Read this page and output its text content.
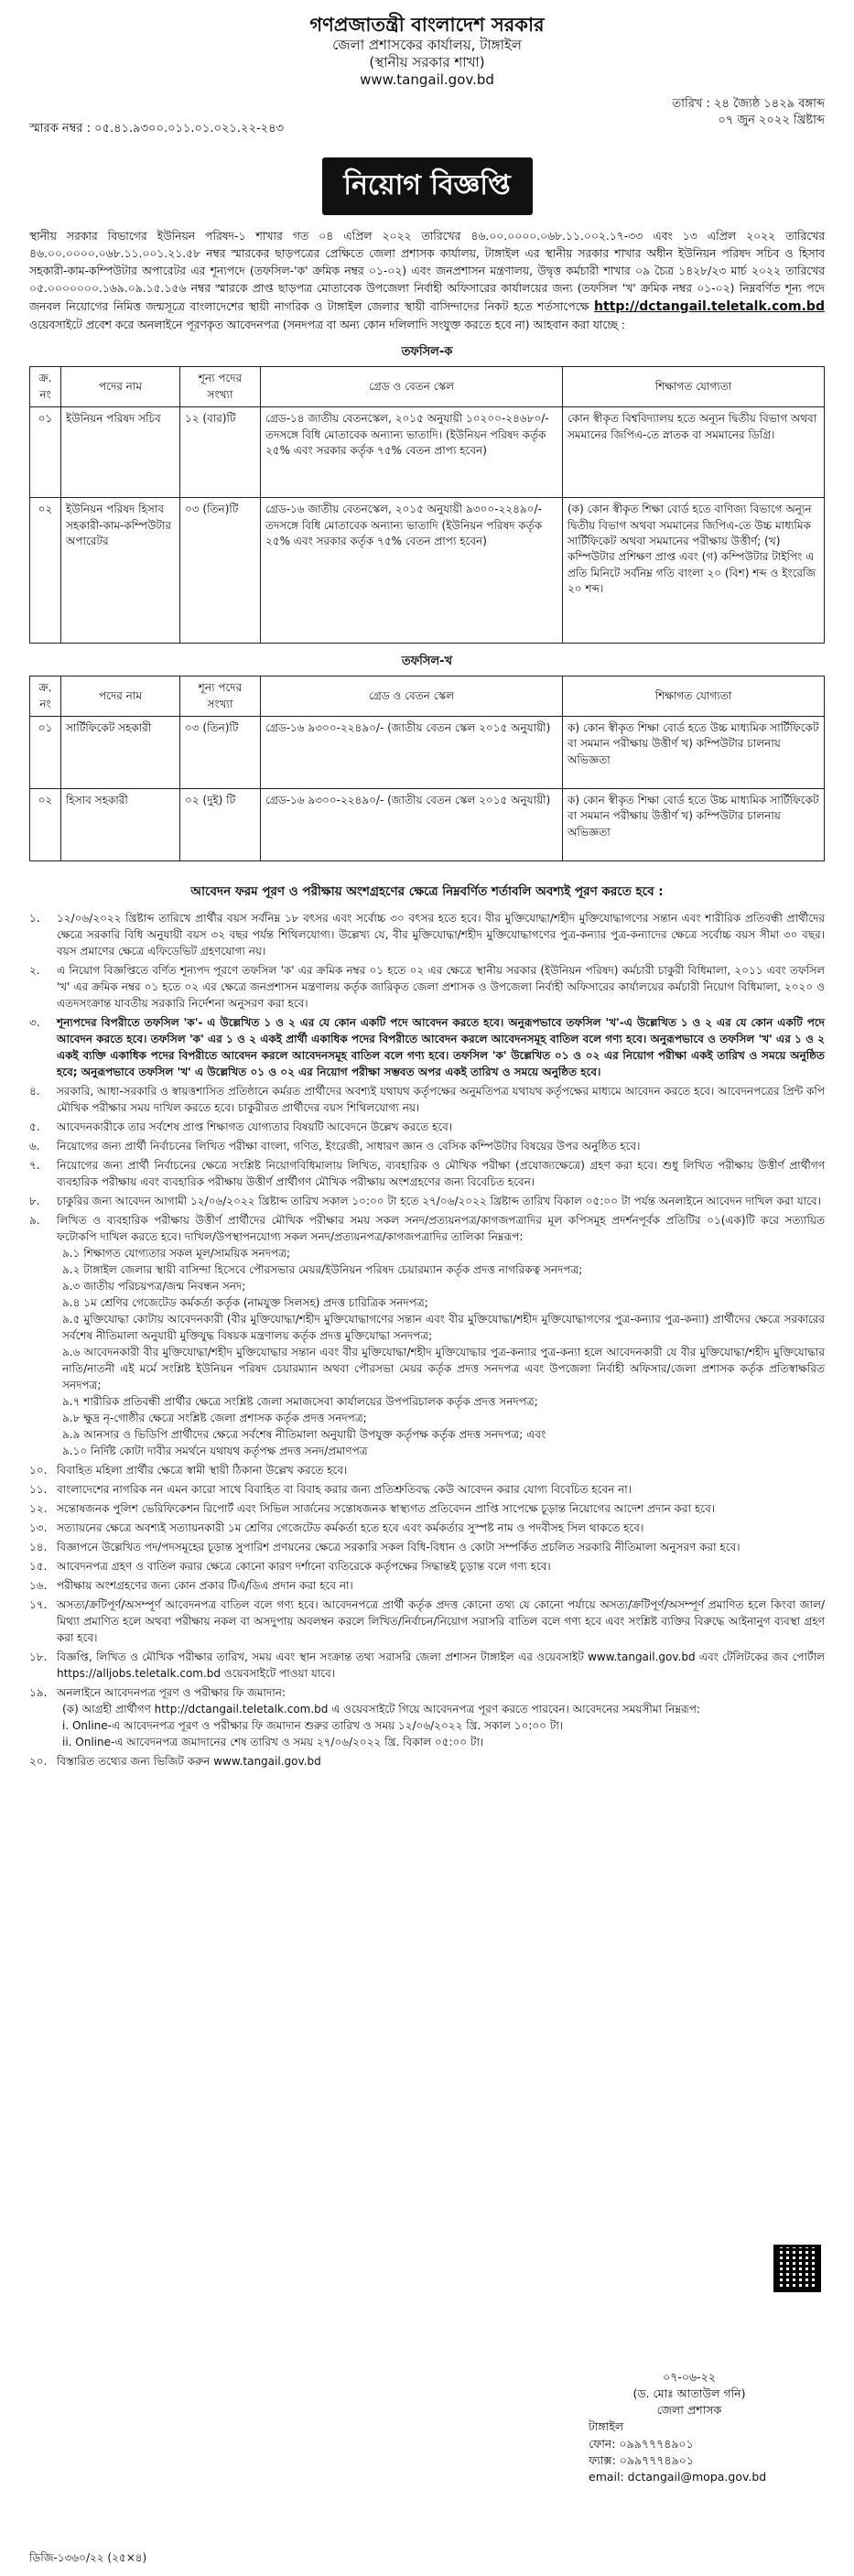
গণপ্রজাতন্ত্রী বাংলাদেশ সরকার
জেলা প্রশাসকের কার্যালয়, টাঙ্গাইল
(স্থানীয় সরকার শাখা)
www.tangail.gov.bd
স্মারক নম্বর : ০৫.৪১.৯৩০০.০১১.০১.০২১.২২-২৪৩
তারিখ : ২৪ জ্যৈষ্ঠ ১৪২৯ বঙ্গাব্দ
০৭ জুন ২০২২ খ্রিষ্টাব্দ
নিয়োগ বিজ্ঞপ্তি
স্থানীয় সরকার বিভাগের ইউনিয়ন পরিষদ-১ শাখার গত ০৪ এপ্রিল ২০২২ তারিখের ৪৬.০০.০০০০.০৬৮.১১.০০২.১৭-৩৩ এবং ১৩ এপ্রিল ২০২২ তারিখের ৪৬.০০.০০০০.০৬৮.১১.০০১.২১.৫৮ নম্বর স্মারকের ছাড়পত্রের প্রেক্ষিতে জেলা প্রশাসক কার্যালয়, টাঙ্গাইল এর স্থানীয় সরকার শাখার অধীন ইউনিয়ন পরিষদ সচিব ও হিসাব সহকারী-কাম-কম্পিউটার অপারেটর এর শূন্যপদে (তফসিল-'ক' ক্রমিক নম্বর ০১-০২) এবং জনপ্রশাসন মন্ত্রণালয়, উদ্বৃত্ত কর্মচারী শাখার ০৯ চৈত্র ১৪২৮/২৩ মার্চ ২০২২ তারিখের ০৫.০০০০০০০.১৬৯.০৯.১৫.১৫৬ নম্বর স্মারকে প্রাপ্ত ছাড়পত্র মোতাবেক উপজেলা নির্বাহী অফিসারের কার্যালয়ের জন্য (তফসিল 'খ' ক্রমিক নম্বর ০১-০২) নিম্নবর্ণিত শূন্য পদে জনবল নিয়োগের নিমিত্ত জন্মসূত্রে বাংলাদেশের স্থায়ী নাগরিক ও টাঙ্গাইল জেলার স্থায়ী বাসিন্দাদের নিকট হতে শর্তসাপেক্ষে http://dctangail.teletalk.com.bd ওয়েবসাইটে প্রবেশ করে অনলাইনে পূরণকৃত আবেদনপত্র (সনদপত্র বা অন্য কোন দলিলাদি সংযুক্ত করতে হবে না) আহবান করা যাচ্ছে :
তফসিল-ক
ক্র. নং	পদের নাম	শূন্য পদের সংখ্যা	গ্রেড ও বেতন স্কেল	শিক্ষাগত যোগ্যতা
০১	ইউনিয়ন পরিষদ সচিব	১২ (বার)টি	গ্রেড-১৪ জাতীয় বেতনস্কেল, ২০১৫ অনুযায়ী ১০২০০-২৪৬৮০/- তদসঙ্গে বিধি মোতাবেক অন্যান্য ভাতাদি। (ইউনিয়ন পরিষদ কর্তৃক ২৫% এবং সরকার কর্তৃক ৭৫% বেতন প্রাপ্য হবেন)	কোন স্বীকৃত বিশ্ববিদ্যালয় হতে অন্যূন দ্বিতীয় বিভাগ অথবা সমমানের জিপিএ-তে স্নাতক বা সমমানের ডিগ্রি।
০২	ইউনিয়ন পরিষদ হিসাব সহকারী-কাম-কম্পিউটার অপারেটর	০৩ (তিন)টি	গ্রেড-১৬ জাতীয় বেতনস্কেল, ২০১৫ অনুযায়ী ৯৩০০-২২৪৯০/- তদসঙ্গে বিধি মোতাবেক অন্যান্য ভাতাদি (ইউনিয়ন পরিষদ কর্তৃক ২৫% এবং সরকার কর্তৃক ৭৫% বেতন প্রাপ্য হবেন)	(ক) কোন স্বীকৃত শিক্ষা বোর্ড হতে বাণিজ্য বিভাগে অন্যূন দ্বিতীয় বিভাগ অথবা সমমানের জিপিএ-তে উচ্চ মাধ্যমিক সার্টিফিকেট অথবা সমমানের পরীক্ষায় উত্তীর্ণ; (খ) কম্পিউটার প্রশিক্ষণ প্রাপ্ত এবং (গ) কম্পিউটার টাইপিং এ প্রতি মিনিটে সর্বনিম্ন গতি বাংলা ২০ (বিশ) শব্দ ও ইংরেজি ২০ শব্দ।
তফসিল-খ
ক্র. নং	পদের নাম	শূন্য পদের সংখ্যা	গ্রেড ও বেতন স্কেল	শিক্ষাগত যোগ্যতা
০১	সার্টিফিকেট সহকারী	০৩ (তিন)টি	গ্রেড-১৬ ৯৩০০-২২৪৯০/- (জাতীয় বেতন স্কেল ২০১৫ অনুযায়ী)	ক) কোন স্বীকৃত শিক্ষা বোর্ড হতে উচ্চ মাধ্যমিক সার্টিফিকেট বা সমমান পরীক্ষায় উত্তীর্ণ খ) কম্পিউটার চালনায় অভিজ্ঞতা
০২	হিসাব সহকারী	০২ (দুই) টি	গ্রেড-১৬ ৯৩০০-২২৪৯০/- (জাতীয় বেতন স্কেল ২০১৫ অনুযায়ী)	ক) কোন স্বীকৃত শিক্ষা বোর্ড হতে উচ্চ মাধ্যমিক সার্টিফিকেট বা সমমান পরীক্ষায় উত্তীর্ণ খ) কম্পিউটার চালনায় অভিজ্ঞতা
আবেদন ফরম পূরণ ও পরীক্ষায় অংশগ্রহণের ক্ষেত্রে নিম্নবর্ণিত শর্তাবলি অবশ্যই পূরণ করতে হবে :
১.	১২/০৬/২০২২ খ্রিষ্টাব্দ তারিখে প্রার্থীর বয়স সর্বনিম্ন ১৮ বৎসর এবং সর্বোচ্চ ৩০ বৎসর হতে হবে। বীর মুক্তিযোদ্ধা/শহীদ মুক্তিযোদ্ধাগণের সন্তান এবং শারীরিক প্রতিবন্ধী প্রার্থীদের ক্ষেত্রে সরকারি বিধি অনুযায়ী বয়স ৩২ বছর পর্যন্ত শিথিলযোগ্য। উল্লেখ্য যে, বীর মুক্তিযোদ্ধা/শহীদ মুক্তিযোদ্ধাগণের পুত্র-কন্যার পুত্র-কন্যাদের ক্ষেত্রে সর্বোচ্চ বয়স সীমা ৩০ বছর। বয়স প্রমাণের ক্ষেত্রে এফিডেভিট গ্রহণযোগ্য নয়।
২.	এ নিয়োগ বিজ্ঞপ্তিতে বর্ণিত শূন্যপদ পূরণে তফসিল 'ক' এর ক্রমিক নম্বর ০১ হতে ০২ এর ক্ষেত্রে স্থানীয় সরকার (ইউনিয়ন পরিষদ) কর্মচারী চাকুরী বিধিমালা, ২০১১ এবং তফসিল 'খ' এর ক্রমিক নম্বর ০১ হতে ০২ এর ক্ষেত্রে জনপ্রশাসন মন্ত্রণালয় কর্তৃক জারিকৃত জেলা প্রশাসক ও উপজেলা নির্বাহী অফিসারের কার্যালয়ের কর্মচারী নিয়োগ বিধিমালা, ২০২০ ও এতদসংক্রান্ত যাবতীয় সরকারি নির্দেশনা অনুসরণ করা হবে।
৩.	শূন্যপদের বিপরীতে তফসিল 'ক'- এ উল্লেখিত ১ ও ২ এর যে কোন একটি পদে আবেদন করতে হবে। অনুরূপভাবে তফসিল 'খ'-এ উল্লেখিত ১ ও ২ এর যে কোন একটি পদে আবেদন করতে হবে। তফসিল 'ক' এর ১ ও ২ একই প্রার্থী একাধিক পদের বিপরীতে আবেদন করলে আবেদনসমূহ বাতিল বলে গণ্য হবে। অনুরূপভাবে ও তফসিল 'খ' এর ১ ও ২ একই ব্যক্তি একাধিক পদের বিপরীতে আবেদন করলে আবেদনসমূহ বাতিল বলে গণ্য হবে। তফসিল 'ক' উল্লেখিত ০১ ও ০২ এর নিয়োগ পরীক্ষা একই তারিখ ও সময়ে অনুষ্ঠিত হবে; অনুরূপভাবে তফসিল 'খ' এ উল্লেখিত ০১ ও ০২ এর নিয়োগ পরীক্ষা সম্ভবত অপর একই তারিখ ও সময়ে অনুষ্ঠিত হবে।
৪.	সরকারি, আধা-সরকারি ও স্বায়ত্তশাসিত প্রতিষ্ঠানে কর্মরত প্রার্থীদের অবশ্যই যথাযথ কর্তৃপক্ষের অনুমতিপত্র যথাযথ কর্তৃপক্ষের মাধ্যমে আবেদন করতে হবে। আবেদনপত্রের প্রিন্ট কপি মৌখিক পরীক্ষার সময় দাখিল করতে হবে। চাকুরীরত প্রার্থীদের বয়স শিথিলযোগ্য নয়।
৫.	আবেদনকারীকে তার সর্বশেষ প্রাপ্ত শিক্ষাগত যোগ্যতার বিষয়টি আবেদনে উল্লেখ করতে হবে।
৬.	নিয়োগের জন্য প্রার্থী নির্বাচনের লিখিত পরীক্ষা বাংলা, গণিত, ইংরেজী, সাধারণ জ্ঞান ও বেসিক কম্পিউটার বিষয়ের উপর অনুষ্ঠিত হবে।
৭.	নিয়োগের জন্য প্রার্থী নির্বাচনের ক্ষেত্রে সংশ্লিষ্ট নিয়োগবিধিমালায় লিখিত, ব্যবহারিক ও মৌখিক পরীক্ষা (প্রযোজ্যক্ষেত্রে) গ্রহণ করা হবে। শুধু লিখিত পরীক্ষায় উত্তীর্ণ প্রার্থীগণ ব্যবহারিক পরীক্ষায় এবং ব্যবহারিক পরীক্ষায় উত্তীর্ণ প্রার্থীগণ মৌখিক পরীক্ষায় অংশগ্রহণের জন্য বিবেচিত হবেন।
৮.	চাকুরির জন্য আবেদন আগামী ১২/০৬/২০২২ খ্রিষ্টাব্দ তারিখ সকাল ১০:০০ টা হতে ২৭/০৬/২০২২ খ্রিষ্টাব্দ তারিখ বিকাল ০৫:০০ টা পর্যন্ত অনলাইনে আবেদন দাখিল করা যাবে।
৯.	লিখিত ও ব্যবহারিক পরীক্ষায় উত্তীর্ণ প্রার্থীদের মৌখিক পরীক্ষার সময় সকল সনদ/প্রত্যয়নপত্র/কাগজপত্রাদির মূল কপিসমূহ প্রদর্শনপূর্বক প্রতিটির ০১(এক)টি করে সত্যায়িত ফটোকপি দাখিল করতে হবে। দাখিল/উপস্থাপনযোগ্য সকল সনদ/প্রত্যয়নপত্র/কাগজপত্রাদির তালিকা নিম্নরূপ:
৯.১ শিক্ষাগত যোগ্যতার সকল মূল/সাময়িক সনদপত্র;
৯.২ টাঙ্গাইল জেলার স্থায়ী বাসিন্দা হিসেবে পৌরসভার মেয়র/ইউনিয়ন পরিষদ চেয়ারম্যান কর্তৃক প্রদত্ত নাগরিকত্ব সনদপত্র;
৯.৩ জাতীয় পরিচয়পত্র/জন্ম নিবন্ধন সনদ;
৯.৪ ১ম শ্রেণির গেজেটেড কর্মকর্তা কর্তৃক (নামযুক্ত সিলসহ) প্রদত্ত চারিত্রিক সনদপত্র;
৯.৫ মুক্তিযোদ্ধা কোটায় আবেদনকারী (বীর মুক্তিযোদ্ধা/শহীদ মুক্তিযোদ্ধাগণের সন্তান এবং বীর মুক্তিযোদ্ধা/শহীদ মুক্তিযোদ্ধাগণের পুত্র-কন্যার পুত্র-কন্যা) প্রার্থীদের ক্ষেত্রে সরকারের সর্বশেষ নীতিমালা অনুযায়ী মুক্তিযুদ্ধ বিষয়ক মন্ত্রণালয় কর্তৃক প্রদত্ত মুক্তিযোদ্ধা সনদপত্র;
৯.৬ আবেদনকারী বীর মুক্তিযোদ্ধা/শহীদ মুক্তিযোদ্ধার সন্তান এবং বীর মুক্তিযোদ্ধা/শহীদ মুক্তিযোদ্ধার পুত্র-কন্যার পুত্র-কন্যা হলে আবেদনকারী যে বীর মুক্তিযোদ্ধা/শহীদ মুক্তিযোদ্ধার নাতি/নাতনী এই মর্মে সংশ্লিষ্ট ইউনিয়ন পরিষদ চেয়ারম্যান অথবা পৌরসভা মেয়র কর্তৃক প্রদত্ত সনদপত্র এবং উপজেলা নির্বাহী অফিসার/জেলা প্রশাসক কর্তৃক প্রতিস্বাক্ষরিত সনদপত্র;
৯.৭ শারীরিক প্রতিবন্ধী প্রার্থীর ক্ষেত্রে সংশ্লিষ্ট জেলা সমাজসেবা কার্যালয়ের উপপরিচালক কর্তৃক প্রদত্ত সনদপত্র;
৯.৮ ক্ষুদ্র নৃ-গোষ্ঠীর ক্ষেত্রে সংশ্লিষ্ট জেলা প্রশাসক কর্তৃক প্রদত্ত সনদপত্র;
৯.৯ আনসার ও ভিডিপি প্রার্থীদের ক্ষেত্রে সর্বশেষ নীতিমালা অনুযায়ী উপযুক্ত কর্তৃপক্ষ কর্তৃক প্রদত্ত সনদপত্র; এবং
৯.১০ নির্দিষ্ট কোটা দাবীর সমর্থনে যথাযথ কর্তৃপক্ষ প্রদত্ত সনদ/প্রমাণপত্র
১০. বিবাহিত মহিলা প্রার্থীর ক্ষেত্রে স্বামী স্থায়ী ঠিকানা উল্লেখ করতে হবে।
১১. বাংলাদেশের নাগরিক নন এমন কারো সাথে বিবাহিত বা বিবাহ করার জন্য প্রতিশ্রুতিবদ্ধ কেউ আবেদন করার যোগ্য বিবেচিত হবেন না।
১২. সন্তোষজনক পুলিশ ভেরিফিকেশন রিপোর্ট এবং সিভিল সার্জনের সন্তোষজনক স্বাস্থ্যগত প্রতিবেদন প্রাপ্তি সাপেক্ষে চূড়ান্ত নিয়োগের আদেশ প্রদান করা হবে।
১৩. সত্যায়নের ক্ষেত্রে অবশ্যই সত্যায়নকারী ১ম শ্রেণির গেজেটেড কর্মকর্তা হতে হবে এবং কর্মকর্তার সুস্পষ্ট নাম ও পদবীসহ সিল থাকতে হবে।
১৪. বিজ্ঞাপনে উল্লেখিত পদ/পদসমূহের চূড়ান্ত সুপারিশ প্রণয়নের ক্ষেত্রে সরকারি সকল বিধি-বিধান ও কোটা সম্পর্কিত প্রচলিত সরকারি নীতিমালা অনুসরণ করা হবে।
১৫. আবেদনপত্র গ্রহণ ও বাতিল করার ক্ষেত্রে কোনো কারণ দর্শানো ব্যতিরেকে কর্তৃপক্ষের সিদ্ধান্তই চূড়ান্ত বলে গণ্য হবে।
১৬. পরীক্ষায় অংশগ্রহণের জন্য কোন প্রকার টিএ/ডিএ প্রদান করা হবে না।
১৭. অসত্য/ক্রটিপূর্ণ/অসম্পূর্ণ আবেদনপত্র বাতিল বলে গণ্য হবে। আবেদনপত্রে প্রার্থী কর্তৃক প্রদত্ত কোনো তথ্য যে কোনো পর্যায়ে অসত্য/ক্রটিপূর্ণ/অসম্পূর্ণ প্রমাণিত হলে কিংবা জাল/মিথ্যা প্রমাণিত হলে অথবা পরীক্ষায় নকল বা অসদুপায় অবলম্বন করলে লিখিত/নির্বাচন/নিয়োগ সরাসরি বাতিল বলে গণ্য হবে এবং সংশ্লিষ্ট ব্যক্তির বিরুদ্ধে আইনানুগ ব্যবস্থা গ্রহণ করা হবে।
১৮. বিজ্ঞপ্তি, লিখিত ও মৌখিক পরীক্ষার তারিখ, সময় এবং স্থান সংক্রান্ত তথ্য সরাসরি জেলা প্রশাসন টাঙ্গাইল এর ওয়েবসাইট www.tangail.gov.bd এবং টেলিটকের জব পোর্টাল https://alljobs.teletalk.com.bd ওয়েবসাইটে পাওয়া যাবে।
১৯. অনলাইনে আবেদনপত্র পূরণ ও পরীক্ষার ফি জমাদান:
(ক) আগ্রহী প্রার্থীগণ http://dctangail.teletalk.com.bd এ ওয়েবসাইটে গিয়ে আবেদনপত্র পূরণ করতে পারবেন। আবেদনের সময়সীমা নিম্নরূপ:
i. Online-এ আবেদনপত্র পূরণ ও পরীক্ষার ফি জমাদান শুরুর তারিখ ও সময় ১২/০৬/২০২২ খ্রি. সকাল ১০:০০ টা।
ii. Online-এ আবেদনপত্র জমাদানের শেষ তারিখ ও সময় ২৭/০৬/২০২২ খ্রি. বিকাল ০৫:০০ টা।
২০. বিস্তারিত তথ্যের জন্য ভিজিট করুন www.tangail.gov.bd
০৭-০৬-২২
(ড. মোঃ আতাউল গনি)
জেলা প্রশাসক
টাঙ্গাইল
ফোন: ০৯৯৭৭৭৪৯০১
ফ্যাক্স: ০৯৯৭৭৭৪৯০১
email: dctangail@mopa.gov.bd
ডিজি-১৩৬০/২২ (২৫×৪)
